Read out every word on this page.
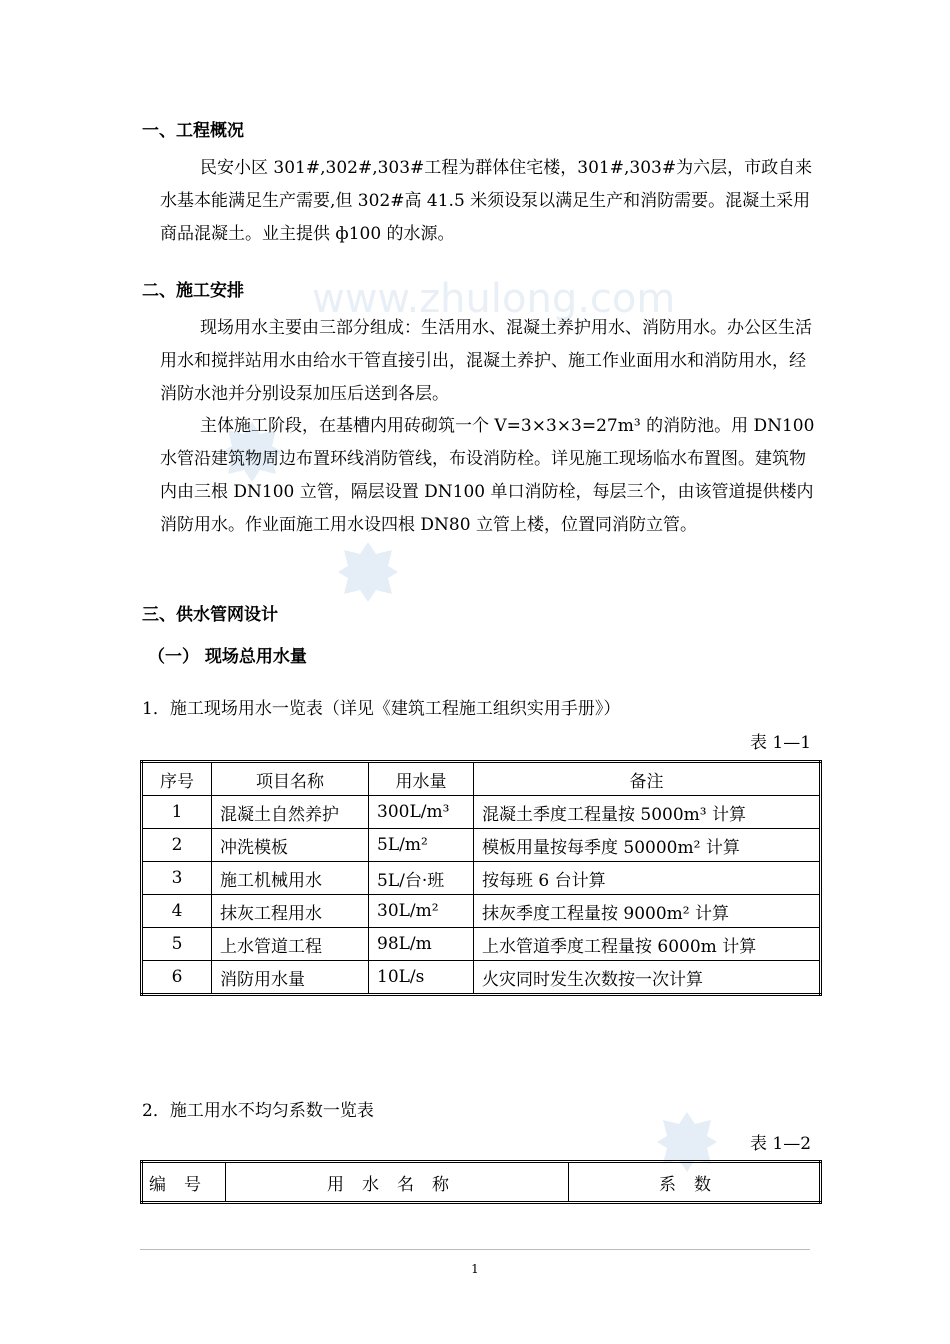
www.zhulong.com
一、工程概况
民安小区 301#,302#,303#工程为群体住宅楼，301#,303#为六层，市政自来水基本能满足生产需要,但 302#高 41.5 米须设泵以满足生产和消防需要。混凝土采用商品混凝土。业主提供 ф100 的水源。
二、施工安排
现场用水主要由三部分组成：生活用水、混凝土养护用水、消防用水。办公区生活用水和搅拌站用水由给水干管直接引出，混凝土养护、施工作业面用水和消防用水，经消防水池并分别设泵加压后送到各层。
主体施工阶段，在基槽内用砖砌筑一个 V=3×3×3=27m³ 的消防池。用 DN100 水管沿建筑物周边布置环线消防管线，布设消防栓。详见施工现场临水布置图。建筑物内由三根 DN100 立管，隔层设置 DN100 单口消防栓，每层三个，由该管道提供楼内消防用水。作业面施工用水设四根 DN80 立管上楼，位置同消防立管。
三、供水管网设计
（一） 现场总用水量
1．施工现场用水一览表（详见《建筑工程施工组织实用手册》）
表 1—1
序号	项目名称	用水量	备注
1	混凝土自然养护	300L/m³	混凝土季度工程量按 5000m³ 计算
2	冲洗模板	5L/m²	模板用量按每季度 50000m² 计算
3	施工机械用水	5L/台·班	按每班 6 台计算
4	抹灰工程用水	30L/m²	抹灰季度工程量按 9000m² 计算
5	上水管道工程	98L/m	上水管道季度工程量按 6000m 计算
6	消防用水量	10L/s	火灾同时发生次数按一次计算
2．施工用水不均匀系数一览表
表 1—2
编号	用水名称	系数
1
